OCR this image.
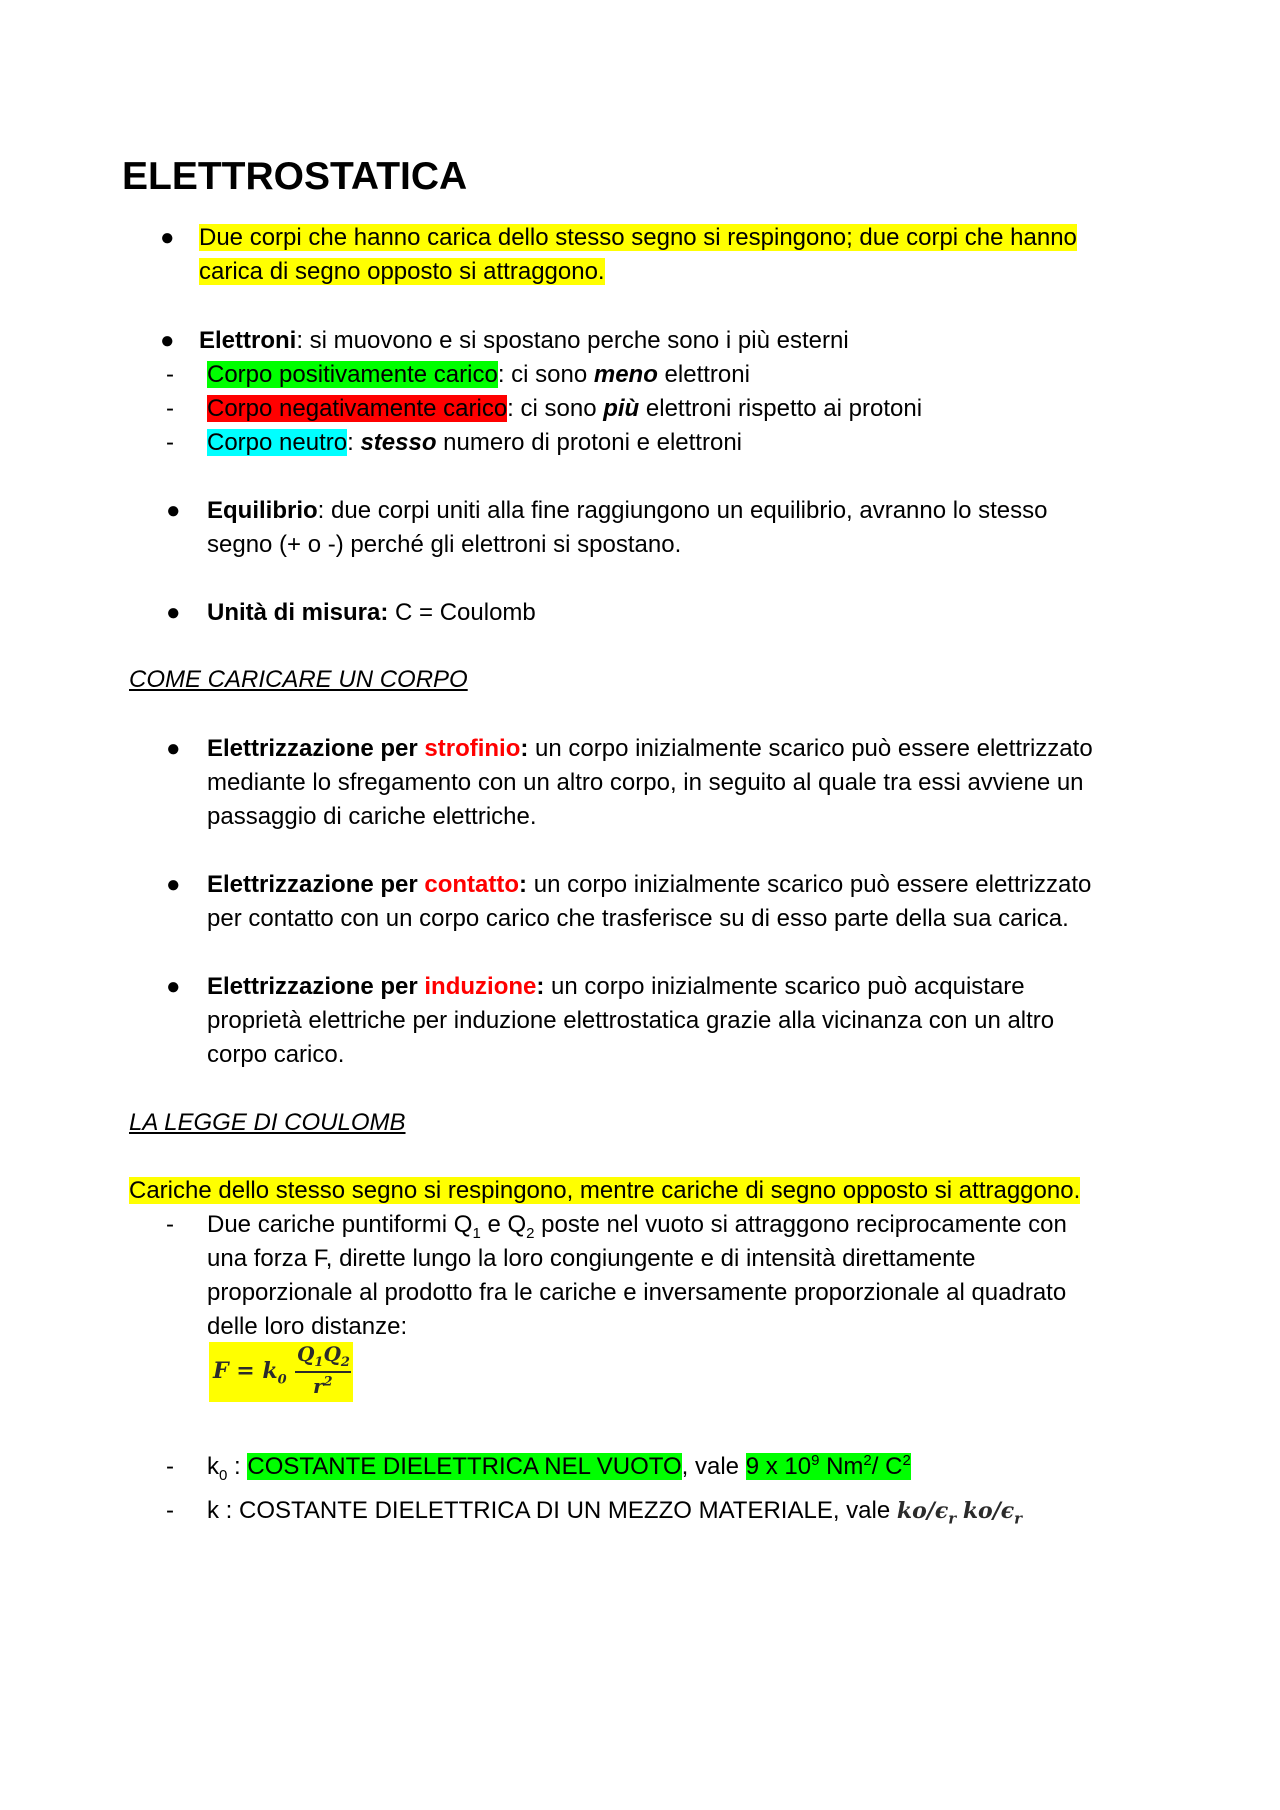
ELETTROSTATICA
● Due corpi che hanno carica dello stesso segno si respingono; due corpi che hanno
carica di segno opposto si attraggono.
● Elettroni: si muovono e si spostano perche sono i più esterni
- Corpo positivamente carico: ci sono meno elettroni
- Corpo negativamente carico: ci sono più elettroni rispetto ai protoni
- Corpo neutro: stesso numero di protoni e elettroni
● Equilibrio: due corpi uniti alla fine raggiungono un equilibrio, avranno lo stesso
segno (+ o -) perché gli elettroni si spostano.
● Unità di misura: C = Coulomb
COME CARICARE UN CORPO
● Elettrizzazione per strofinio: un corpo inizialmente scarico può essere elettrizzato
mediante lo sfregamento con un altro corpo, in seguito al quale tra essi avviene un
passaggio di cariche elettriche.
● Elettrizzazione per contatto: un corpo inizialmente scarico può essere elettrizzato
per contatto con un corpo carico che trasferisce su di esso parte della sua carica.
● Elettrizzazione per induzione: un corpo inizialmente scarico può acquistare
proprietà elettriche per induzione elettrostatica grazie alla vicinanza con un altro
corpo carico.
LA LEGGE DI COULOMB
Cariche dello stesso segno si respingono, mentre cariche di segno opposto si attraggono.
- Due cariche puntiformi $Q_1$ e $Q_2$ poste nel vuoto si attraggono reciprocamente con
una forza F, dirette lungo la loro congiungente e di intensità direttamente
proporzionale al prodotto fra le cariche e inversamente proporzionale al quadrato
delle loro distanze:
$F = k_0$
$Q_1Q_2$
$r^2$
- $k_0$ : COSTANTE DIELETTRICA NEL VUOTO, vale 9 x $10^9$ Nm$^2$/ $C^2$
- k : COSTANTE DIELETTRICA DI UN MEZZO MATERIALE, vale $ko/\epsilon_r$ $ko/\epsilon_r$
